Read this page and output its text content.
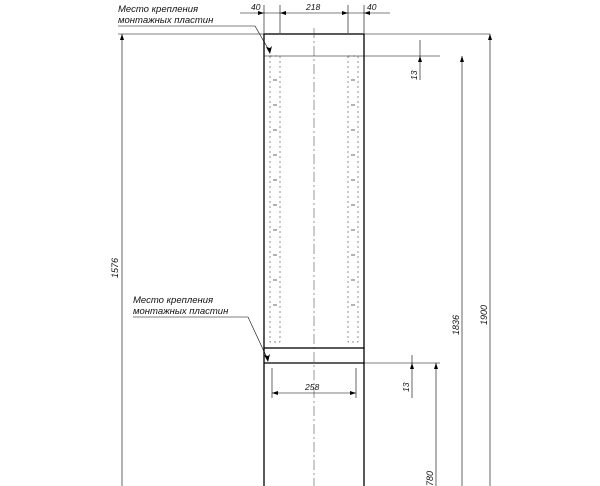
Место крепления
монтажных пластин
Место крепления
монтажных пластин
40	218	40
1576
13
1836 1900
258	13
780
